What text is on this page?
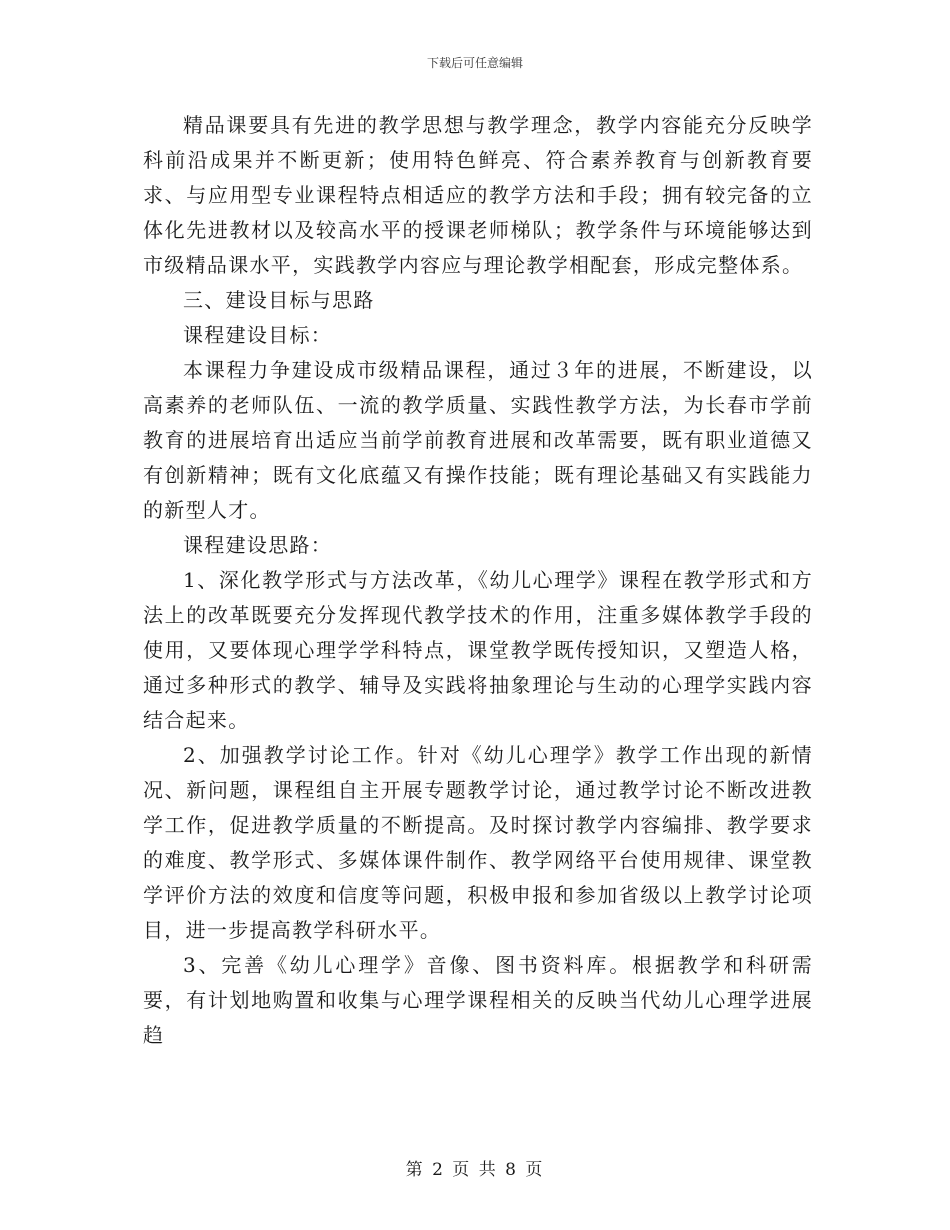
下载后可任意编辑

精品课要具有先进的教学思想与教学理念，教学内容能充分反映学科前沿成果并不断更新；使用特色鲜亮、符合素养教育与创新教育要求、与应用型专业课程特点相适应的教学方法和手段；拥有较完备的立体化先进教材以及较高水平的授课老师梯队；教学条件与环境能够达到市级精品课水平，实践教学内容应与理论教学相配套，形成完整体系。

三、建设目标与思路

课程建设目标：

本课程力争建设成市级精品课程，通过３年的进展，不断建设，以高素养的老师队伍、一流的教学质量、实践性教学方法，为长春市学前教育的进展培育出适应当前学前教育进展和改革需要，既有职业道德又有创新精神；既有文化底蕴又有操作技能；既有理论基础又有实践能力的新型人才。

课程建设思路：

1、深化教学形式与方法改革，《幼儿心理学》课程在教学形式和方法上的改革既要充分发挥现代教学技术的作用，注重多媒体教学手段的使用，又要体现心理学学科特点，课堂教学既传授知识，又塑造人格，通过多种形式的教学、辅导及实践将抽象理论与生动的心理学实践内容结合起来。

2、加强教学讨论工作。针对《幼儿心理学》教学工作出现的新情况、新问题，课程组自主开展专题教学讨论，通过教学讨论不断改进教学工作，促进教学质量的不断提高。及时探讨教学内容编排、教学要求的难度、教学形式、多媒体课件制作、教学网络平台使用规律、课堂教学评价方法的效度和信度等问题，积极申报和参加省级以上教学讨论项目，进一步提高教学科研水平。

3、完善《幼儿心理学》音像、图书资料库。根据教学和科研需要，有计划地购置和收集与心理学课程相关的反映当代幼儿心理学进展趋

第 2 页 共 8 页
